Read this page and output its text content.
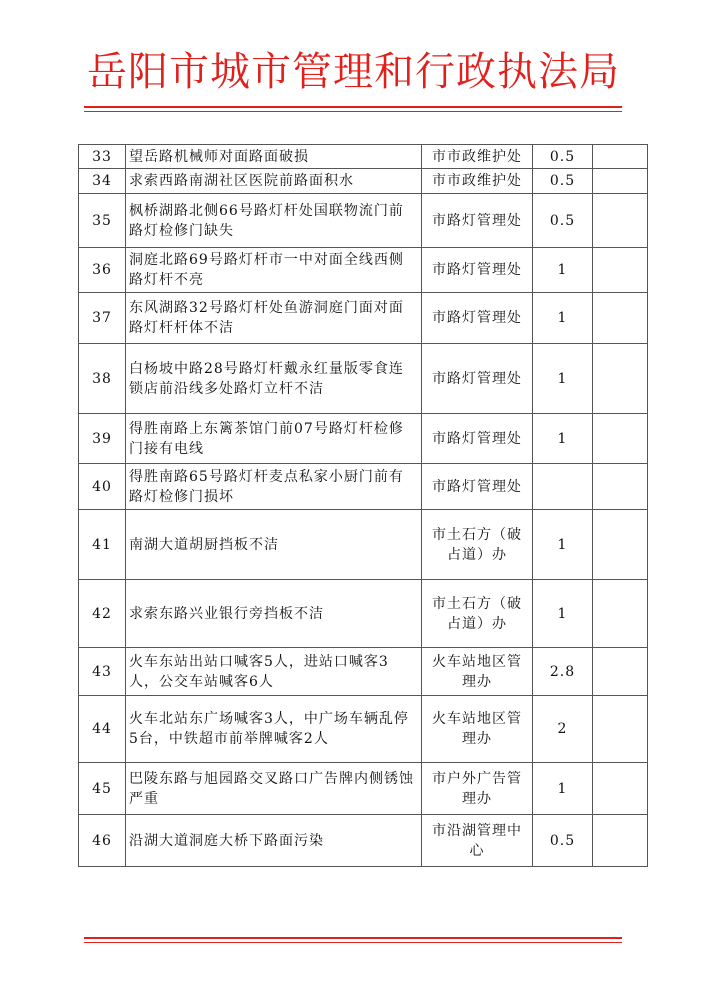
岳阳市城市管理和行政执法局
33	望岳路机械师对面路面破损	市市政维护处	0.5	
34	求索西路南湖社区医院前路面积水	市市政维护处	0.5	
35	枫桥湖路北侧66号路灯杆处国联物流门前路灯检修门缺失	市路灯管理处	0.5	
36	洞庭北路69号路灯杆市一中对面全线西侧路灯杆不亮	市路灯管理处	1	
37	东风湖路32号路灯杆处鱼游洞庭门面对面路灯杆杆体不洁	市路灯管理处	1	
38	白杨坡中路28号路灯杆戴永红量版零食连锁店前沿线多处路灯立杆不洁	市路灯管理处	1	
39	得胜南路上东篱茶馆门前07号路灯杆检修门接有电线	市路灯管理处	1	
40	得胜南路65号路灯杆麦点私家小厨门前有路灯检修门损坏	市路灯管理处		
41	南湖大道胡厨挡板不洁	市土石方（破占道）办	1	
42	求索东路兴业银行旁挡板不洁	市土石方（破占道）办	1	
43	火车东站出站口喊客5人，进站口喊客3人，公交车站喊客6人	火车站地区管理办	2.8	
44	火车北站东广场喊客3人，中广场车辆乱停5台，中铁超市前举牌喊客2人	火车站地区管理办	2	
45	巴陵东路与旭园路交叉路口广告牌内侧锈蚀严重	市户外广告管理办	1	
46	沿湖大道洞庭大桥下路面污染	市沿湖管理中心	0.5	
